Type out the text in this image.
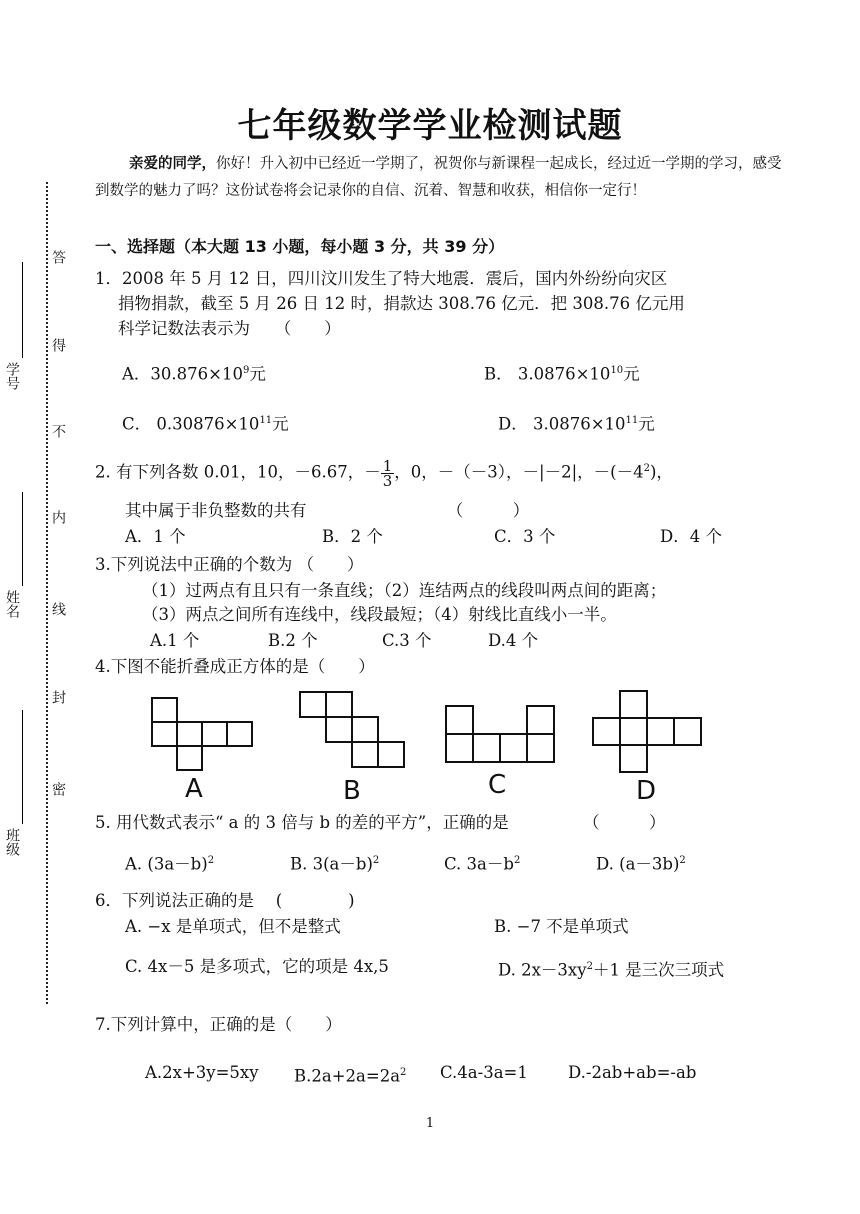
七年级数学学业检测试题
亲爱的同学，你好！升入初中已经近一学期了，祝贺你与新课程一起成长，经过近一学期的学习，感受到数学的魅力了吗？这份试卷将会记录你的自信、沉着、智慧和收获，相信你一定行！
学号
姓名
班级
答
得
不
内
线
封
密
一、选择题（本大题 13 小题，每小题 3 分，共 39 分）
1．2008 年 5 月 12 日，四川汶川发生了特大地震．震后，国内外纷纷向灾区
捐物捐款，截至 5 月 26 日 12 时，捐款达 308.76 亿元．把 308.76 亿元用
科学记数法表示为　　（　　）
A．$30.876\times 10^9$元	B． $3.0876\times 10^{10}$元
C． $0.30876\times 10^{11}$元	D． $3.0876\times 10^{11}$元
2. 有下列各数 0.01，10，－6.67，－ $\frac{1}{3}$ ，0，－（－3），－|－2|，$-(-4^2)$，
其中属于非负整数的共有　　　　　　　　　（　　　）
A．1 个	B．2 个	C．3 个	D．4 个
3.下列说法中正确的个数为 （　　）
（1）过两点有且只有一条直线；（2）连结两点的线段叫两点间的距离；
（3）两点之间所有连线中，线段最短；（4）射线比直线小一半。
A.1 个	B.2 个	C.3 个	D.4 个
4.下图不能折叠成正方体的是（　　）
A	B	C	D
5. 用代数式表示“ a 的 3 倍与 b 的差的平方”，正确的是　　　　　（　　　）
A. $(3a-b)^2$	B. $3(a-b)^2$	C. $3a-b^2$	D. $(a-3b)^2$
6．下列说法正确的是　 (　　　　)
A. −x 是单项式，但不是整式	B. −7 不是单项式
C. 4x－5 是多项式，它的项是 4x,5	D. $2x-3xy^2+1$ 是三次三项式
7.下列计算中，正确的是（　　）
A.2x+3y=5xy $B.2a+2a=2a^2$ C.4a-3a=1 D.-2ab+ab=-ab
1
